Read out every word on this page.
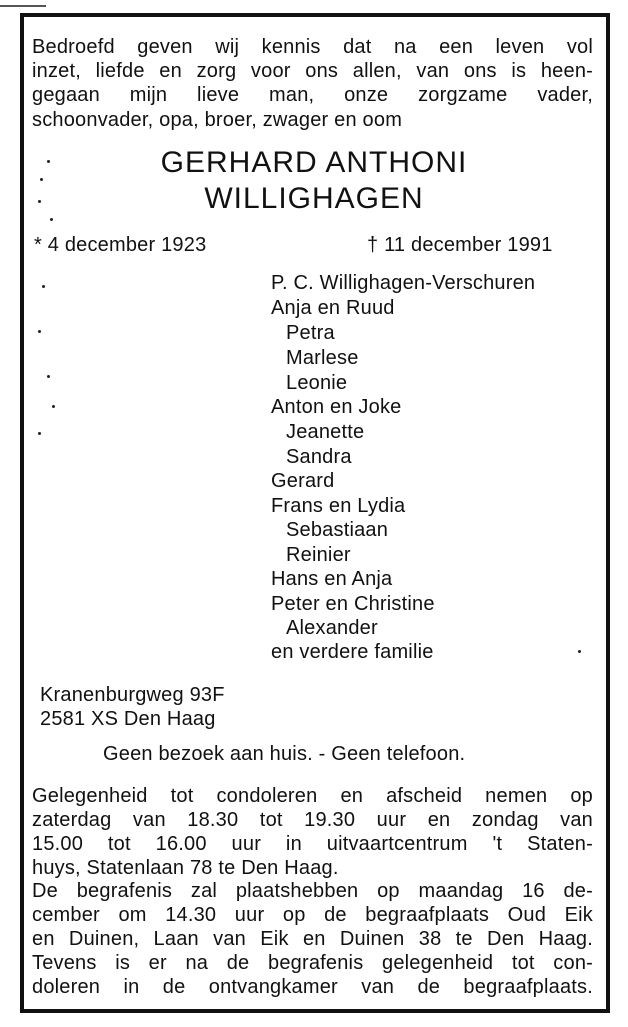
Bedroefd geven wij kennis dat na een leven vol
inzet, liefde en zorg voor ons allen, van ons is heen-
gegaan mijn lieve man, onze zorgzame vader,
schoonvader, opa, broer, zwager en oom
GERHARD ANTHONI
WILLIGHAGEN
* 4 december 1923	† 11 december 1991
P. C. Willighagen-Verschuren
Anja en Ruud
Petra
Marlese
Leonie
Anton en Joke
Jeanette
Sandra
Gerard
Frans en Lydia
Sebastiaan
Reinier
Hans en Anja
Peter en Christine
Alexander
en verdere familie
Kranenburgweg 93F
2581 XS Den Haag
Geen bezoek aan huis. - Geen telefoon.
Gelegenheid tot condoleren en afscheid nemen op
zaterdag van 18.30 tot 19.30 uur en zondag van
15.00 tot 16.00 uur in uitvaartcentrum 't Staten-
huys, Statenlaan 78 te Den Haag.
De begrafenis zal plaatshebben op maandag 16 de-
cember om 14.30 uur op de begraafplaats Oud Eik
en Duinen, Laan van Eik en Duinen 38 te Den Haag.
Tevens is er na de begrafenis gelegenheid tot con-
doleren in de ontvangkamer van de begraafplaats.
